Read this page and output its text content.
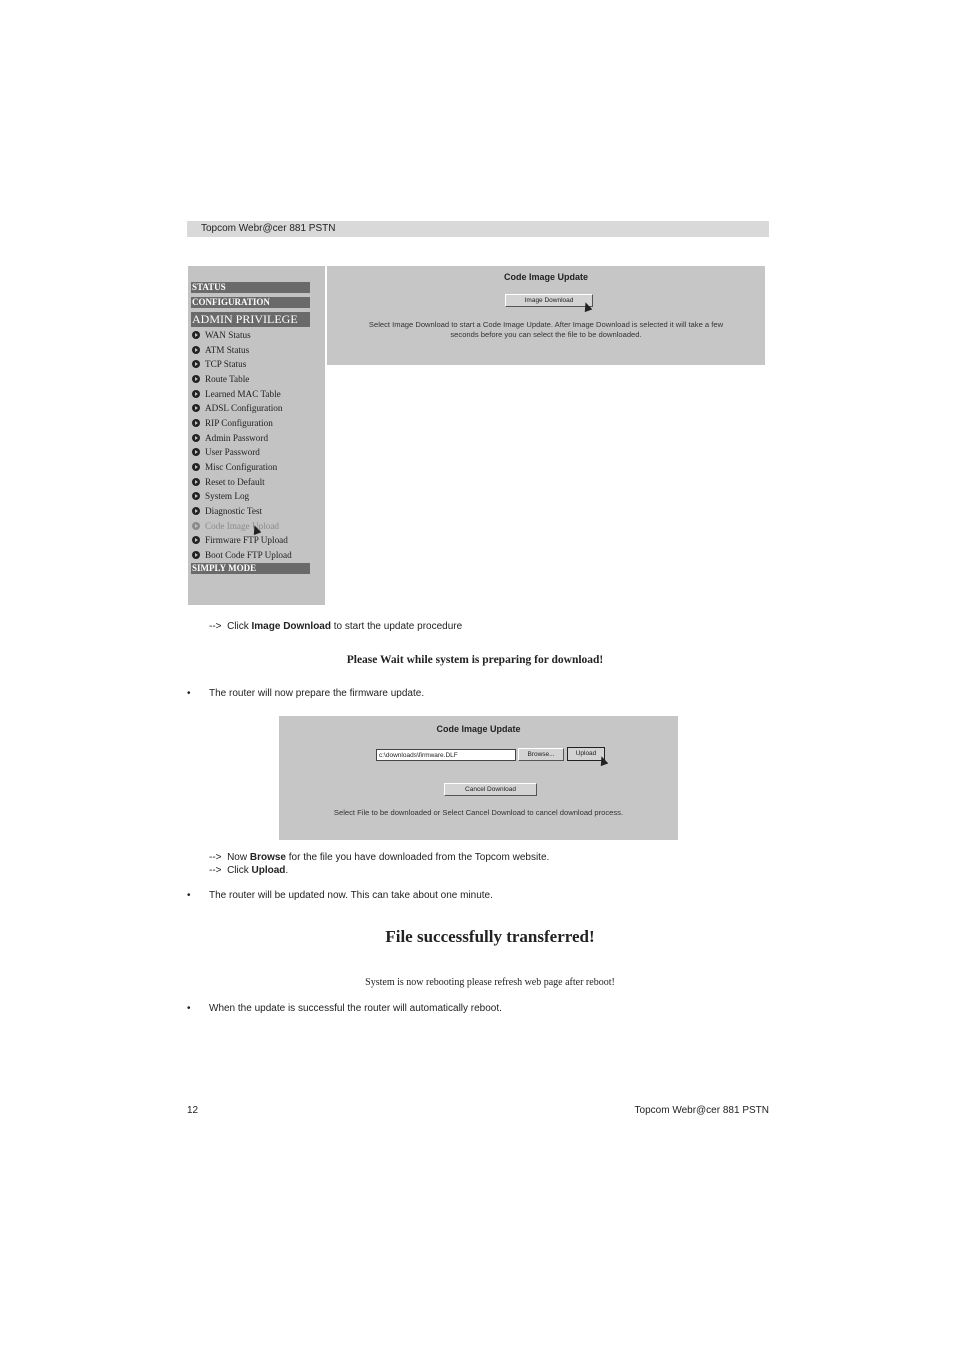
Topcom Webr@cer 881 PSTN
STATUS
CONFIGURATION
ADMIN PRIVILEGE
WAN Status
ATM Status
TCP Status
Route Table
Learned MAC Table
ADSL Configuration
RIP Configuration
Admin Password
User Password
Misc Configuration
Reset to Default
System Log
Diagnostic Test
Code Image Upload
Firmware FTP Upload
Boot Code FTP Upload
SIMPLY MODE
Code Image Update
Image Download
Select Image Download to start a Code Image Update. After Image Download is selected it will take a few
seconds before you can select the file to be downloaded.
--> Click Image Download to start the update procedure
Please Wait while system is preparing for download!
• The router will now prepare the firmware update.
Code Image Update
c:\downloads\firmware.DLF	Browse...	Upload
Cancel Download
Select File to be downloaded or Select Cancel Download to cancel download process.
--> Now Browse for the file you have downloaded from the Topcom website.
--> Click Upload.
• The router will be updated now. This can take about one minute.
File successfully transferred!
System is now rebooting please refresh web page after reboot!
• When the update is successful the router will automatically reboot.
12	Topcom Webr@cer 881 PSTN
